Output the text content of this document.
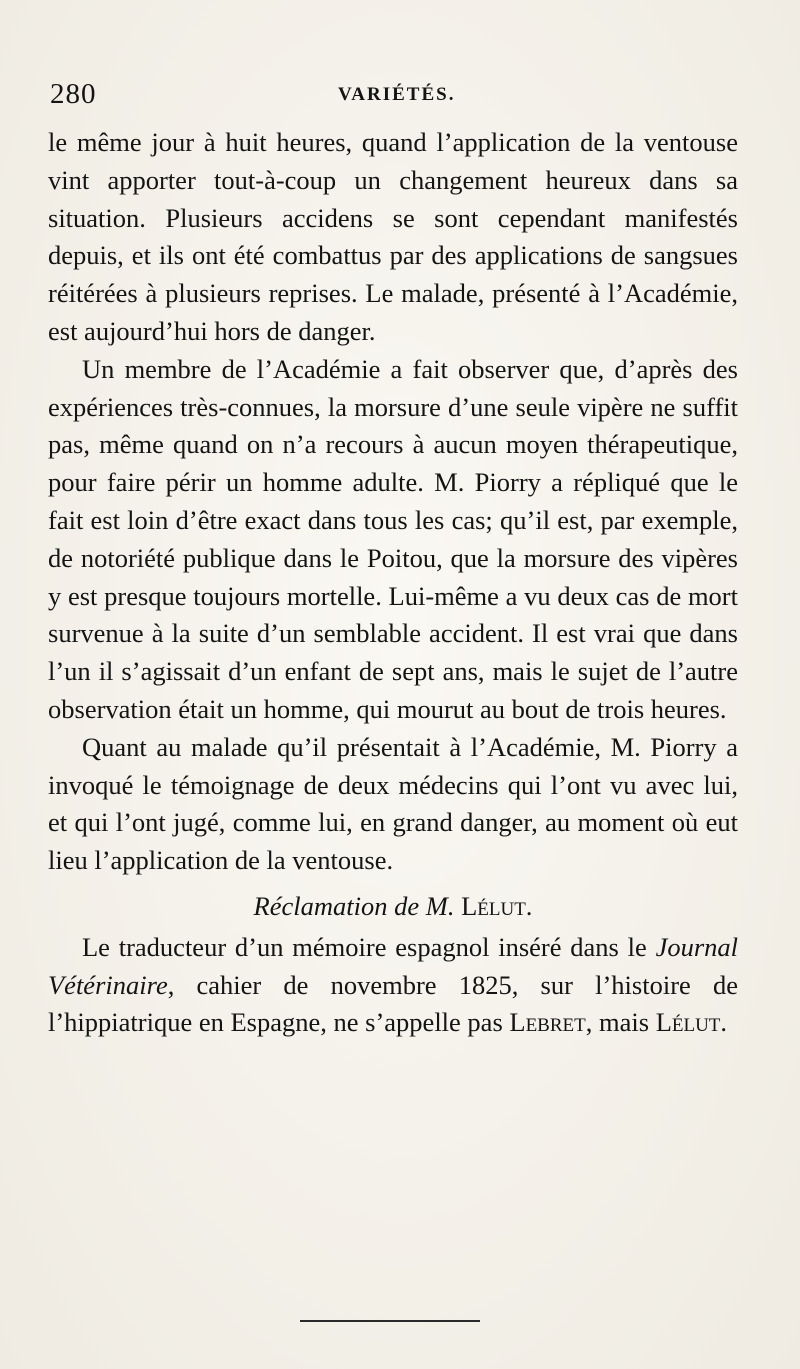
280	VARIÉTÉS.

le même jour à huit heures, quand l’application de la ventouse vint apporter tout-à-coup un changement heureux dans sa situation. Plusieurs accidens se sont cependant manifestés depuis, et ils ont été combattus par des applications de sangsues réitérées à plusieurs reprises. Le malade, présenté à l’Académie, est aujourd’hui hors de danger.

Un membre de l’Académie a fait observer que, d’après des expériences très-connues, la morsure d’une seule vipère ne suffit pas, même quand on n’a recours à aucun moyen thérapeutique, pour faire périr un homme adulte. M. Piorry a répliqué que le fait est loin d’être exact dans tous les cas; qu’il est, par exemple, de notoriété publique dans le Poitou, que la morsure des vipères y est presque toujours mortelle. Lui-même a vu deux cas de mort survenue à la suite d’un semblable accident. Il est vrai que dans l’un il s’agissait d’un enfant de sept ans, mais le sujet de l’autre observation était un homme, qui mourut au bout de trois heures.

Quant au malade qu’il présentait à l’Académie, M. Piorry a invoqué le témoignage de deux médecins qui l’ont vu avec lui, et qui l’ont jugé, comme lui, en grand danger, au moment où eut lieu l’application de la ventouse.

Réclamation de M. Lélut.

Le traducteur d’un mémoire espagnol inséré dans le Journal Vétérinaire, cahier de novembre 1825, sur l’histoire de l’hippiatrique en Espagne, ne s’appelle pas Lebret, mais Lélut.
